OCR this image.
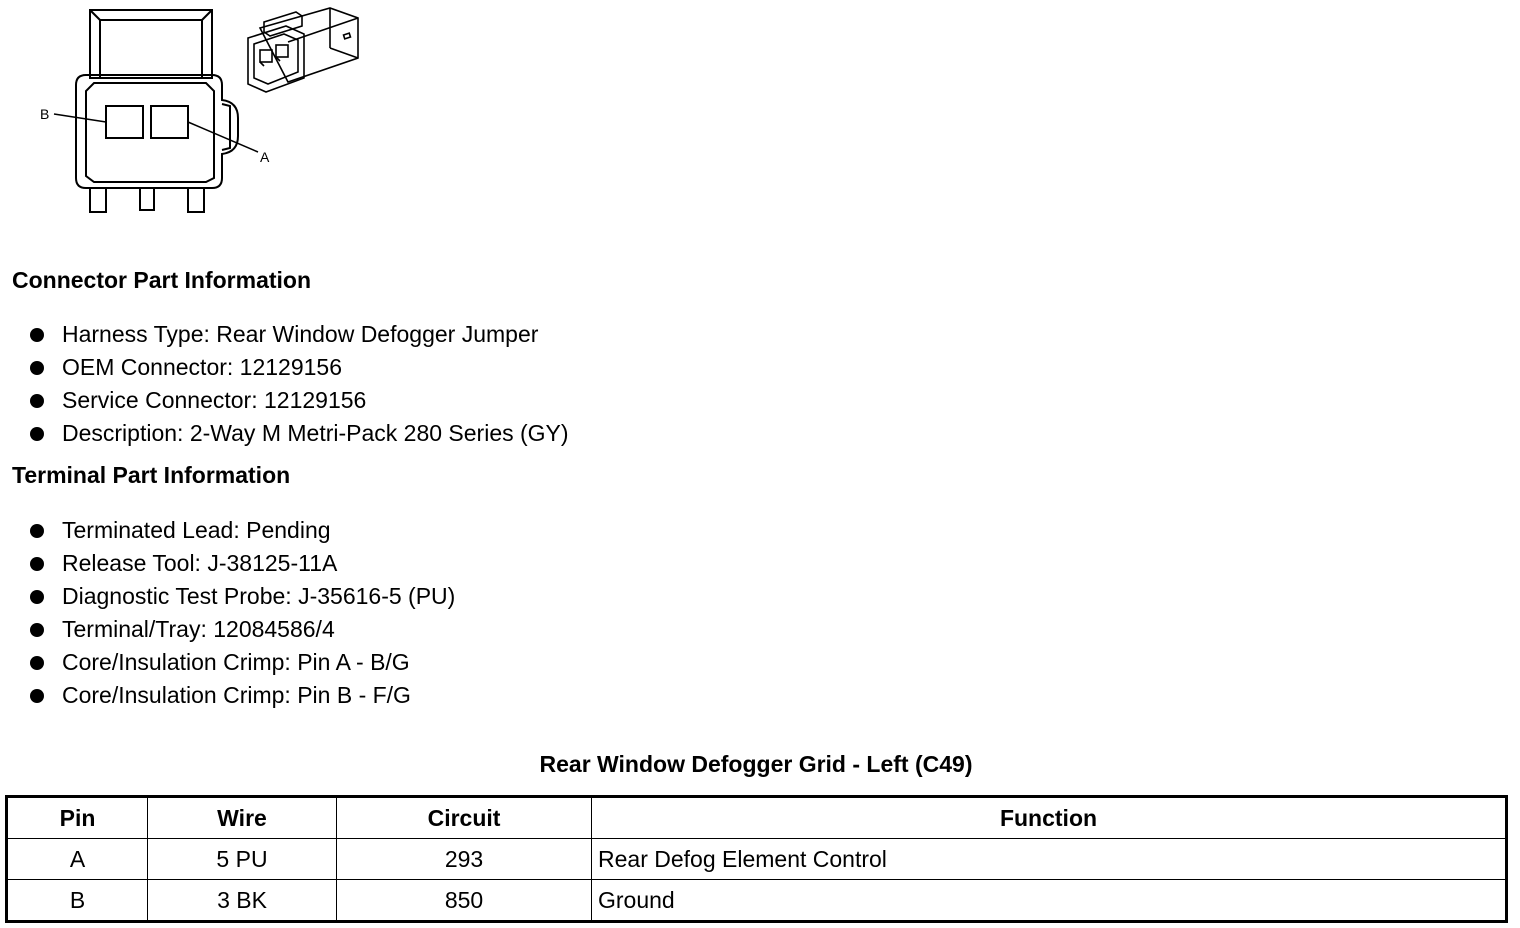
B
A
Connector Part Information
Harness Type: Rear Window Defogger Jumper
OEM Connector: 12129156
Service Connector: 12129156
Description: 2-Way M Metri-Pack 280 Series (GY)
Terminal Part Information
Terminated Lead: Pending
Release Tool: J-38125-11A
Diagnostic Test Probe: J-35616-5 (PU)
Terminal/Tray: 12084586/4
Core/Insulation Crimp: Pin A - B/G
Core/Insulation Crimp: Pin B - F/G
Rear Window Defogger Grid - Left (C49)
Pin	Wire	Circuit	Function
A	5 PU	293	Rear Defog Element Control
B	3 BK	850	Ground
